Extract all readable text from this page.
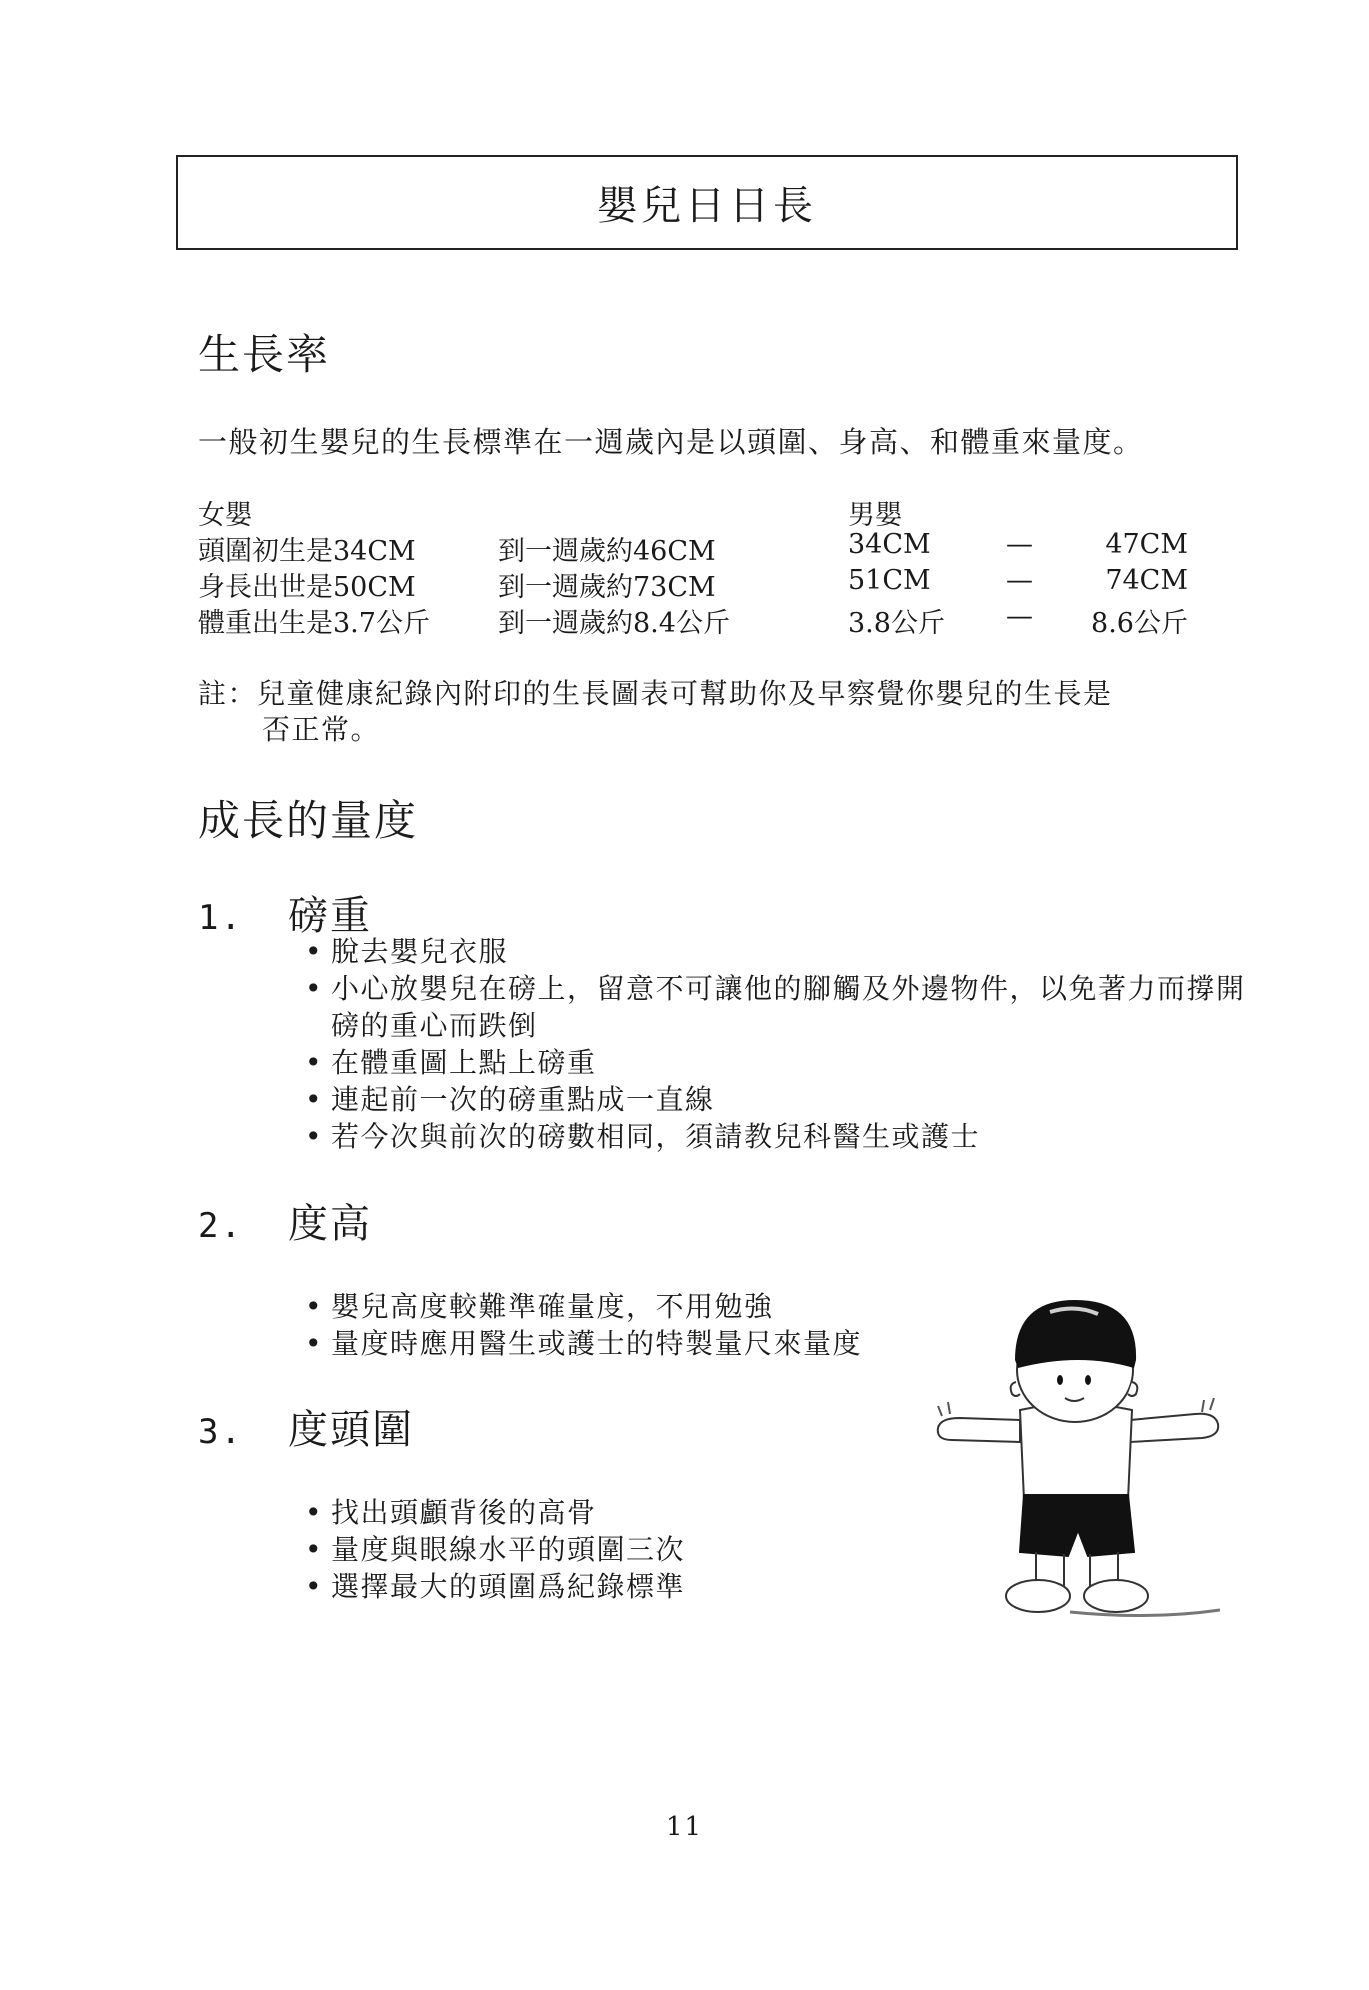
嬰兒日日長
生長率
一般初生嬰兒的生長標準在一週歲內是以頭圍、身高、和體重來量度。
女嬰	男嬰
頭圍初生是34CM	到一週歲約46CM	34CM	—	47CM
身長出世是50CM	到一週歲約73CM	51CM	—	74CM
體重出生是3.7公斤	到一週歲約8.4公斤	3.8公斤 —	8.6公斤
註：兒童健康紀錄內附印的生長圖表可幫助你及早察覺你嬰兒的生長是
否正常。
成長的量度
1. 磅重
• 脫去嬰兒衣服
• 小心放嬰兒在磅上，留意不可讓他的腳觸及外邊物件，以免著力而撐開磅的重心而跌倒
• 在體重圖上點上磅重
• 連起前一次的磅重點成一直線
• 若今次與前次的磅數相同，須請教兒科醫生或護士
2. 度高
• 嬰兒高度較難準確量度，不用勉強
• 量度時應用醫生或護士的特製量尺來量度
3. 度頭圍
• 找出頭顱背後的高骨
• 量度與眼線水平的頭圍三次
• 選擇最大的頭圍爲紀錄標準
11
